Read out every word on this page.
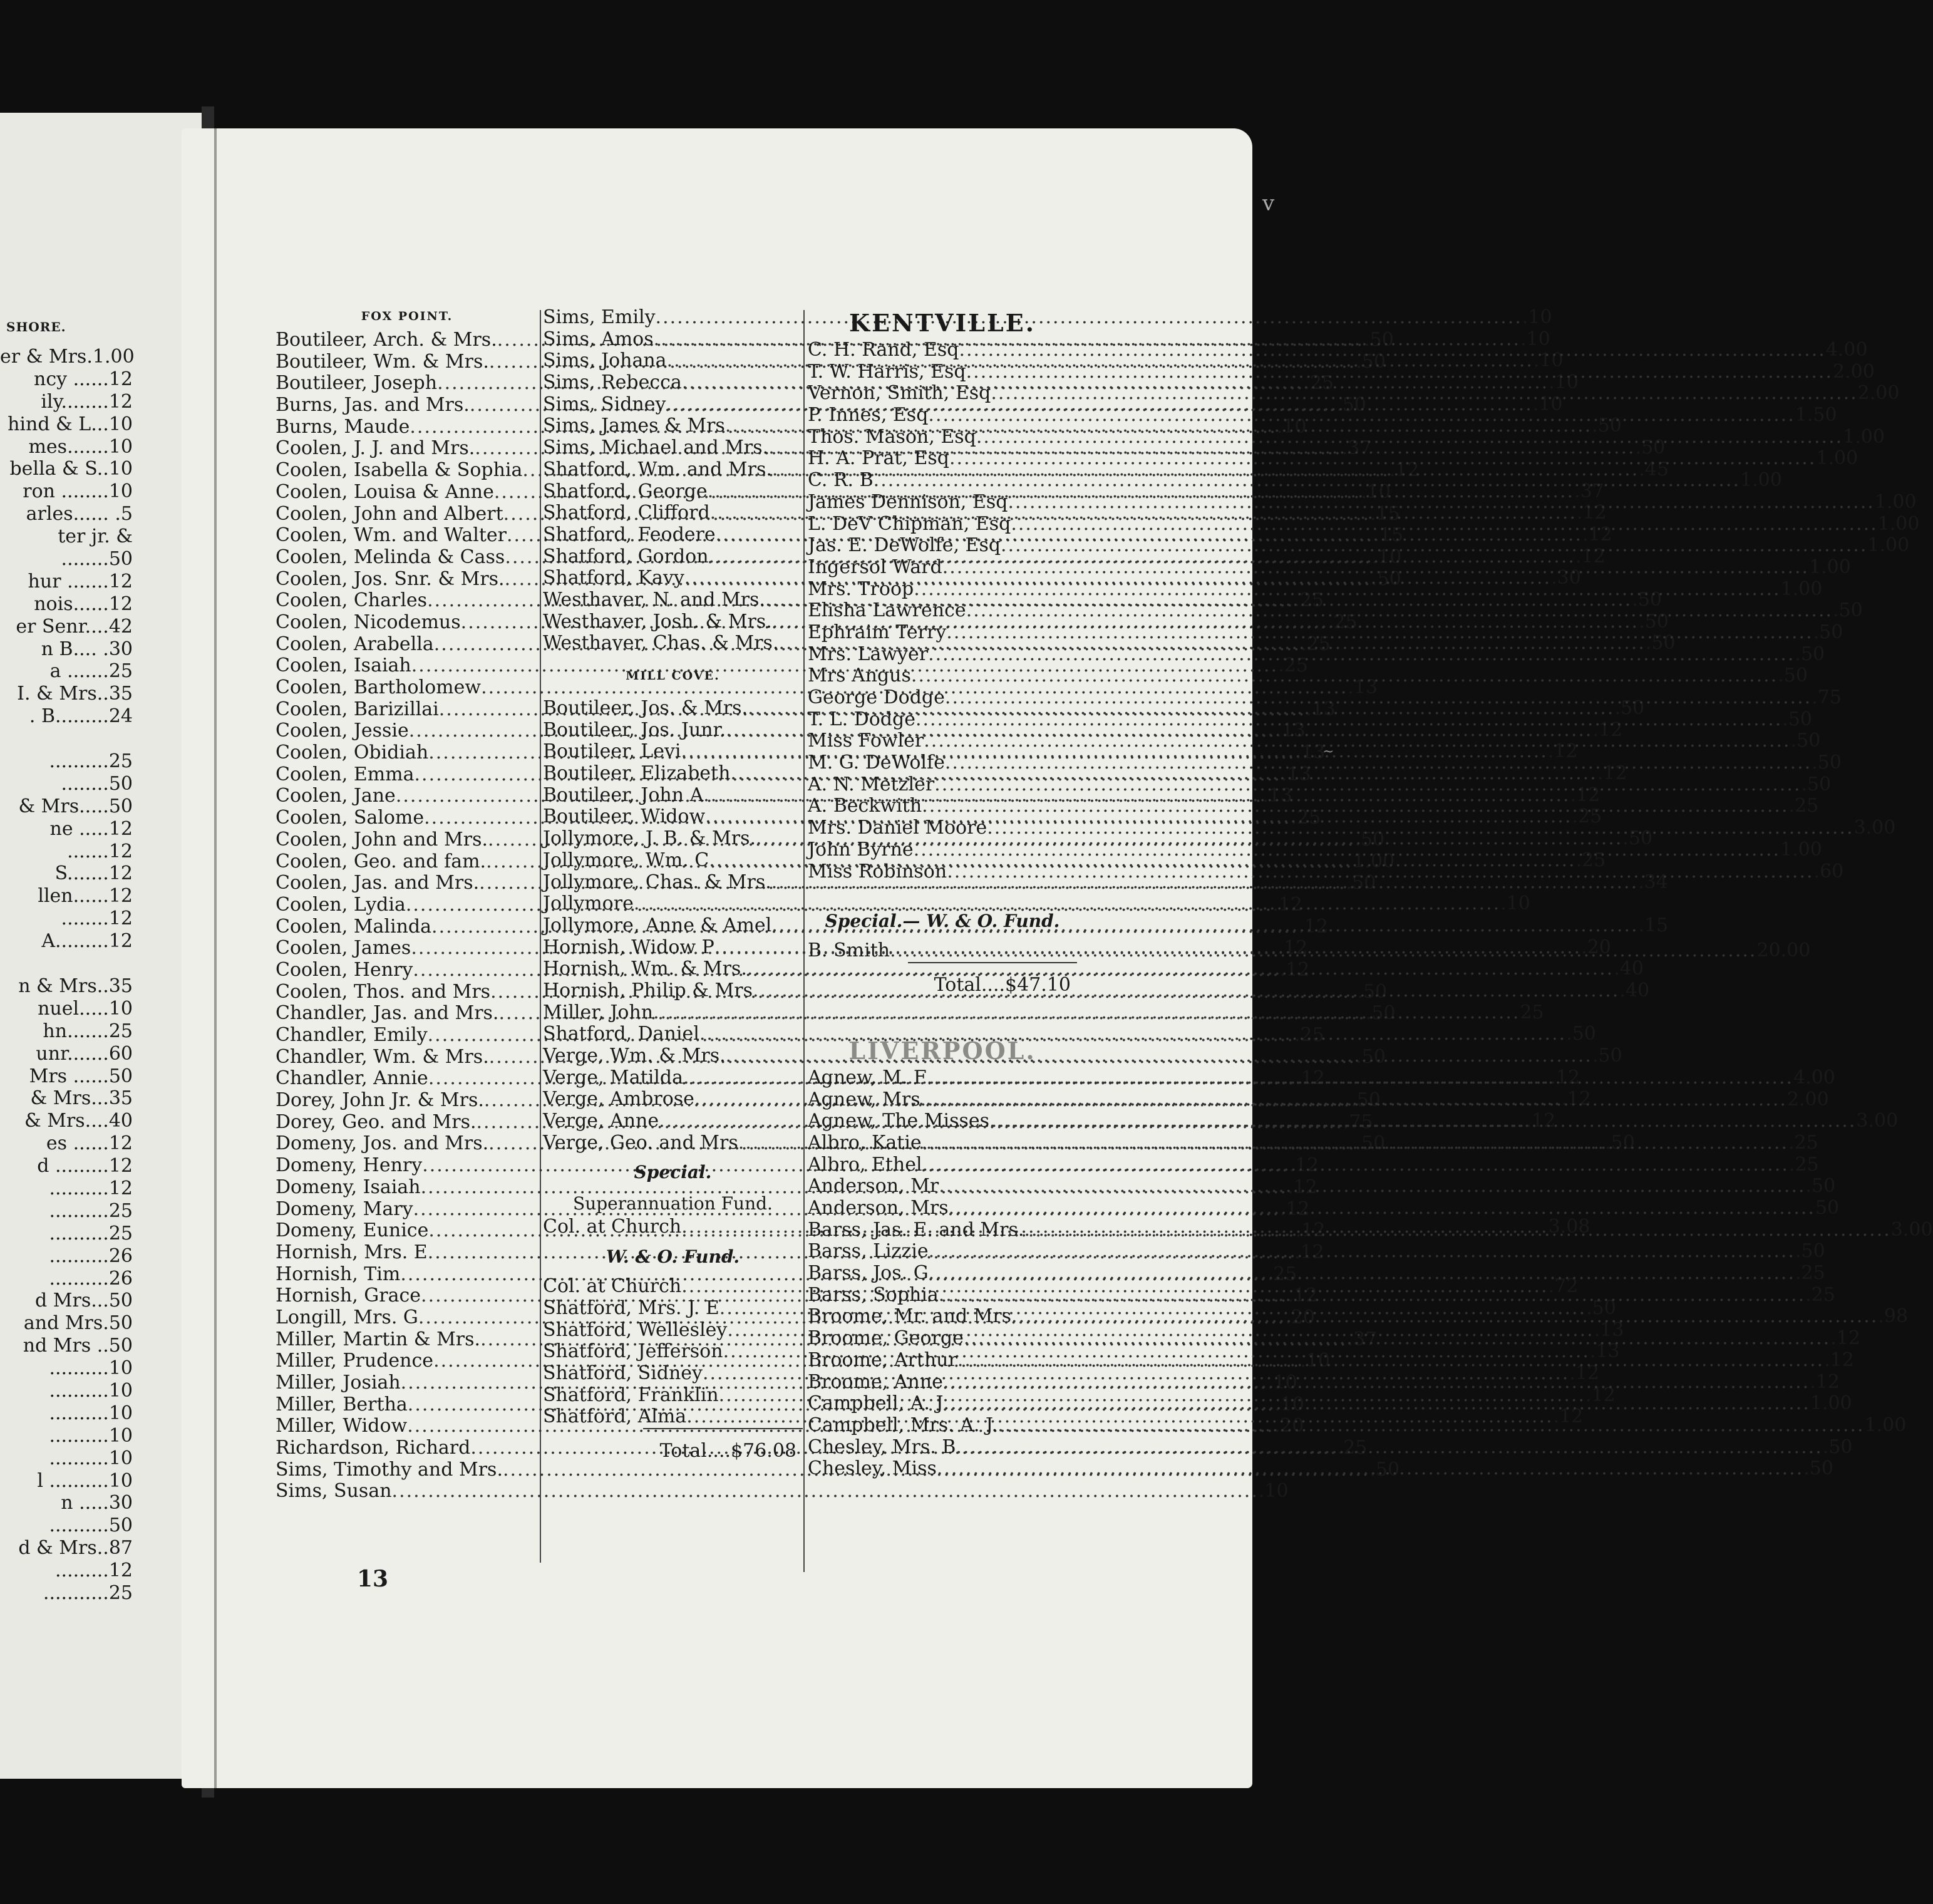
SHORE.
er & Mrs.1.00
ncy ......12
ily........12
hind & L...10
mes.......10
bella & S..10
ron ........10
arles...... .5
ter jr. &
........50
hur .......12
nois......12
er Senr....42
n B.... .30
a .......25
I. & Mrs..35
. B.........24
..........25
........50
& Mrs.....50
ne .....12
.......12
S.......12
llen......12
........12
A.........12
n & Mrs..35
nuel.....10
hn.......25
unr.......60
Mrs ......50
& Mrs...35
& Mrs....40
es ......12
d .........12
..........12
..........25
..........25
..........26
..........26
d Mrs...50
and Mrs.50
nd Mrs ..50
..........10
..........10
..........10
..........10
..........10
l ..........10
n .....30
..........50
d & Mrs..87
.........12
...........25
v
~
FOX POINT.
Boutileer, Arch. & Mrs. .....	.50
Boutileer, Wm. & Mrs. .....	.50
Boutileer, Joseph .....	.25
Burns, Jas. and Mrs. .....	.50
Burns, Maude .....	.10
Coolen, J. J. and Mrs. .....	.37
Coolen, Isabella & Sophia .....	.12
Coolen, Louisa & Anne .....	.10
Coolen, John and Albert .....	.15
Coolen, Wm. and Walter .....	.15
Coolen, Melinda & Cass .....	.10
Coolen, Jos. Snr. & Mrs. .....	.50
Coolen, Charles .....	.25
Coolen, Nicodemus .....	.25
Coolen, Arabella .....	.25
Coolen, Isaiah .....	.25
Coolen, Bartholomew .....	.13
Coolen, Barizillai .....	.13
Coolen, Jessie .....	.13
Coolen, Obidiah .....	.13
Coolen, Emma .....	.13
Coolen, Jane .....	.13
Coolen, Salome .....	.25
Coolen, John and Mrs. .....	.50
Coolen, Geo. and fam. .....	1.00
Coolen, Jas. and Mrs. .....	.50
Coolen, Lydia .....	.12
Coolen, Malinda .....	.12
Coolen, James .....	.12
Coolen, Henry .....	.12
Coolen, Thos. and Mrs .....	.50
Chandler, Jas. and Mrs. .....	.50
Chandler, Emily .....	.25
Chandler, Wm. & Mrs. .....	.50
Chandler, Annie .....	.12
Dorey, John Jr. & Mrs. .....	.50
Dorey, Geo. and Mrs. .....	.75
Domeny, Jos. and Mrs. .....	.50
Domeny, Henry .....	.12
Domeny, Isaiah .....	.12
Domeny, Mary .....	.12
Domeny, Eunice .....	.12
Hornish, Mrs. E .....	.12
Hornish, Tim .....	.25
Hornish, Grace .....	.12
Longill, Mrs. G .....	.20
Miller, Martin & Mrs. .....	.37
Miller, Prudence .....	.10
Miller, Josiah .....	.10
Miller, Bertha .....	.10
Miller, Widow .....	.20
Richardson, Richard .....	.25
Sims, Timothy and Mrs. .....	.50
Sims, Susan .....	.10
Sims, Emily .....	.10
Sims, Amos .....	.10
Sims, Johana .....	.10
Sims, Rebecca .....	.10
Sims, Sidney .....	.10
Sims, James & Mrs .....	.50
Sims, Michael and Mrs. .....	.50
Shatford, Wm. and Mrs. .....	.45
Shatford, George .....	.37
Shatford, Clifford .....	.12
Shatford, Feodere .....	.12
Shatford, Gordon .....	.12
Shatford, Kavy .....	.30
Westhaver, N. and Mrs. .....	.50
Westhaver, Josh. & Mrs. .....	.50
Westhaver, Chas. & Mrs. .....	.50
MILL COVE.
Boutileer, Jos. & Mrs. .....	.50
Boutileer, Jos. Junr. .....	.12
Boutileer, Levi .....	.12
Boutileer, Elizabeth .....	.12
Boutileer, John A .....	.12
Boutileer, Widow .....	.25
Jollymore, J. B. & Mrs. .....	.50
Jollymore, Wm. C .....	.25
Jollymore, Chas. & Mrs. .....	.34
Jollymore .....	.10
Jollymore, Anne & Amel .....	.15
Hornish, Widow P .....	.20
Hornish, Wm. & Mrs. .....	.40
Hornish, Philip & Mrs .....	.40
Miller, John .....	25
Shatford, Daniel .....	.50
Verge, Wm. & Mrs. .....	.50
Verge, Matilda .....	.12
Verge, Ambrose .....	.12
Verge, Anne .....	.12
Verge, Geo. and Mrs .....	.50
Special.
Superannuation Fund.
Col. at Church .....	3.08
W. & O. Fund.
Col. at Church .....	.72
Shatford, Mrs. J. E .....	.50
Shatford, Wellesley .....	.13
Shatford, Jefferson .....	.13
Shatford, Sidney .....	.12
Shatford, Franklin .....	.12
Shatford, Alma .....	.12
Total....$76.08
KENTVILLE.
C. H. Rand, Esq .....	4.00
T. W. Harris, Esq .....	2.00
Vernon, Smith, Esq .....	2.00
P. Innes, Esq .....	1.50
Thos. Mason, Esq .....	1.00
H. A. Prat, Esq .....	1.00
C. R. B .....	1.00
James Dennison, Esq .....	1.00
L. DeV Chipman, Esq .....	1.00
Jas. E. DeWolfe, Esq .....	1.00
Ingersol Ward .....	1.00
Mrs. Troop .....	1.00
Elisha Lawrence .....	.50
Ephraim Terry .....	.50
Mrs. Lawyer .....	.50
Mrs Angus .....	.50
George Dodge .....	.75
T. L. Dodge .....	.50
Miss Fowler .....	.50
M. G. DeWolfe .....	.50
A. N. Metzler .....	.50
A. Beckwith .....	.25
Mrs. Daniel Moore .....	3.00
John Byrne .....	1.00
Miss Robinson .....	.60
Special.— W. & O. Fund.
B. Smith .....	20.00
Total....$47.10
LIVERPOOL.
Agnew, M. F .....	4.00
Agnew, Mrs .....	2.00
Agnew, The Misses .....	3.00
Albro, Katie .....	.25
Albro, Ethel .....	.25
Anderson, Mr .....	.50
Anderson, Mrs .....	50
Barss, Jas. E. and Mrs. .....	3.00
Barss, Lizzie .....	.50
Barss, Jos. G .....	.25
Barss, Sophia .....	.25
Broome, Mr. and Mrs .....	.98
Broome, George .....	.12
Broome, Arthur .....	.12
Broome, Anne .....	.12
Campbell, A. J .....	1.00
Campbell, Mrs. A. J. .....	1.00
Chesley, Mrs. B .....	.50
Chesley, Miss .....	.50
13
